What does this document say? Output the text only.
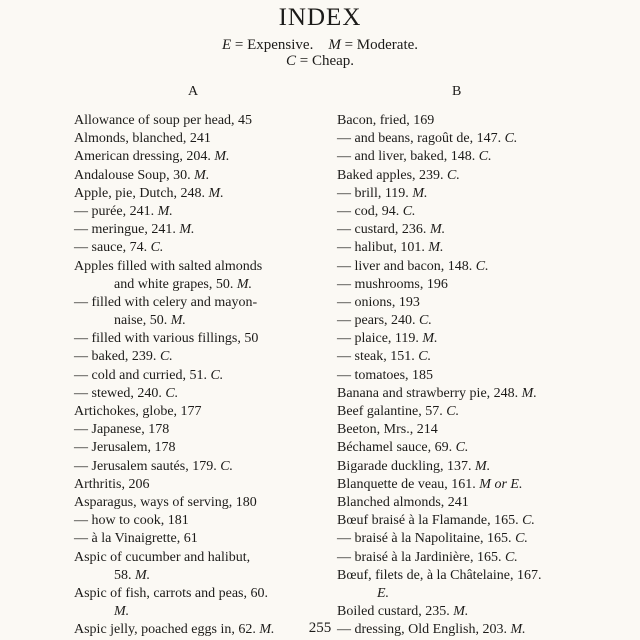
INDEX
E = Expensive. M = Moderate.
C = Cheap.
A	B
Allowance of soup per head, 45
Almonds, blanched, 241
American dressing, 204. M.
Andalouse Soup, 30. M.
Apple, pie, Dutch, 248. M.
— purée, 241. M.
— meringue, 241. M.
— sauce, 74. C.
Apples filled with salted almonds
and white grapes, 50. M.
— filled with celery and mayon-
naise, 50. M.
— filled with various fillings, 50
— baked, 239. C.
— cold and curried, 51. C.
— stewed, 240. C.
Artichokes, globe, 177
— Japanese, 178
— Jerusalem, 178
— Jerusalem sautés, 179. C.
Arthritis, 206
Asparagus, ways of serving, 180
— how to cook, 181
— à la Vinaigrette, 61
Aspic of cucumber and halibut,
58. M.
Aspic of fish, carrots and peas, 60.
M.
Aspic jelly, poached eggs in, 62. M.
Bacon, fried, 169
— and beans, ragoût de, 147. C.
— and liver, baked, 148. C.
Baked apples, 239. C.
— brill, 119. M.
— cod, 94. C.
— custard, 236. M.
— halibut, 101. M.
— liver and bacon, 148. C.
— mushrooms, 196
— onions, 193
— pears, 240. C.
— plaice, 119. M.
— steak, 151. C.
— tomatoes, 185
Banana and strawberry pie, 248. M.
Beef galantine, 57. C.
Beeton, Mrs., 214
Béchamel sauce, 69. C.
Bigarade duckling, 137. M.
Blanquette de veau, 161. M or E.
Blanched almonds, 241
Bœuf braisé à la Flamande, 165. C.
— braisé à la Napolitaine, 165. C.
— braisé à la Jardinière, 165. C.
Bœuf, filets de, à la Châtelaine, 167.
E.
Boiled custard, 235. M.
— dressing, Old English, 203. M.
255
